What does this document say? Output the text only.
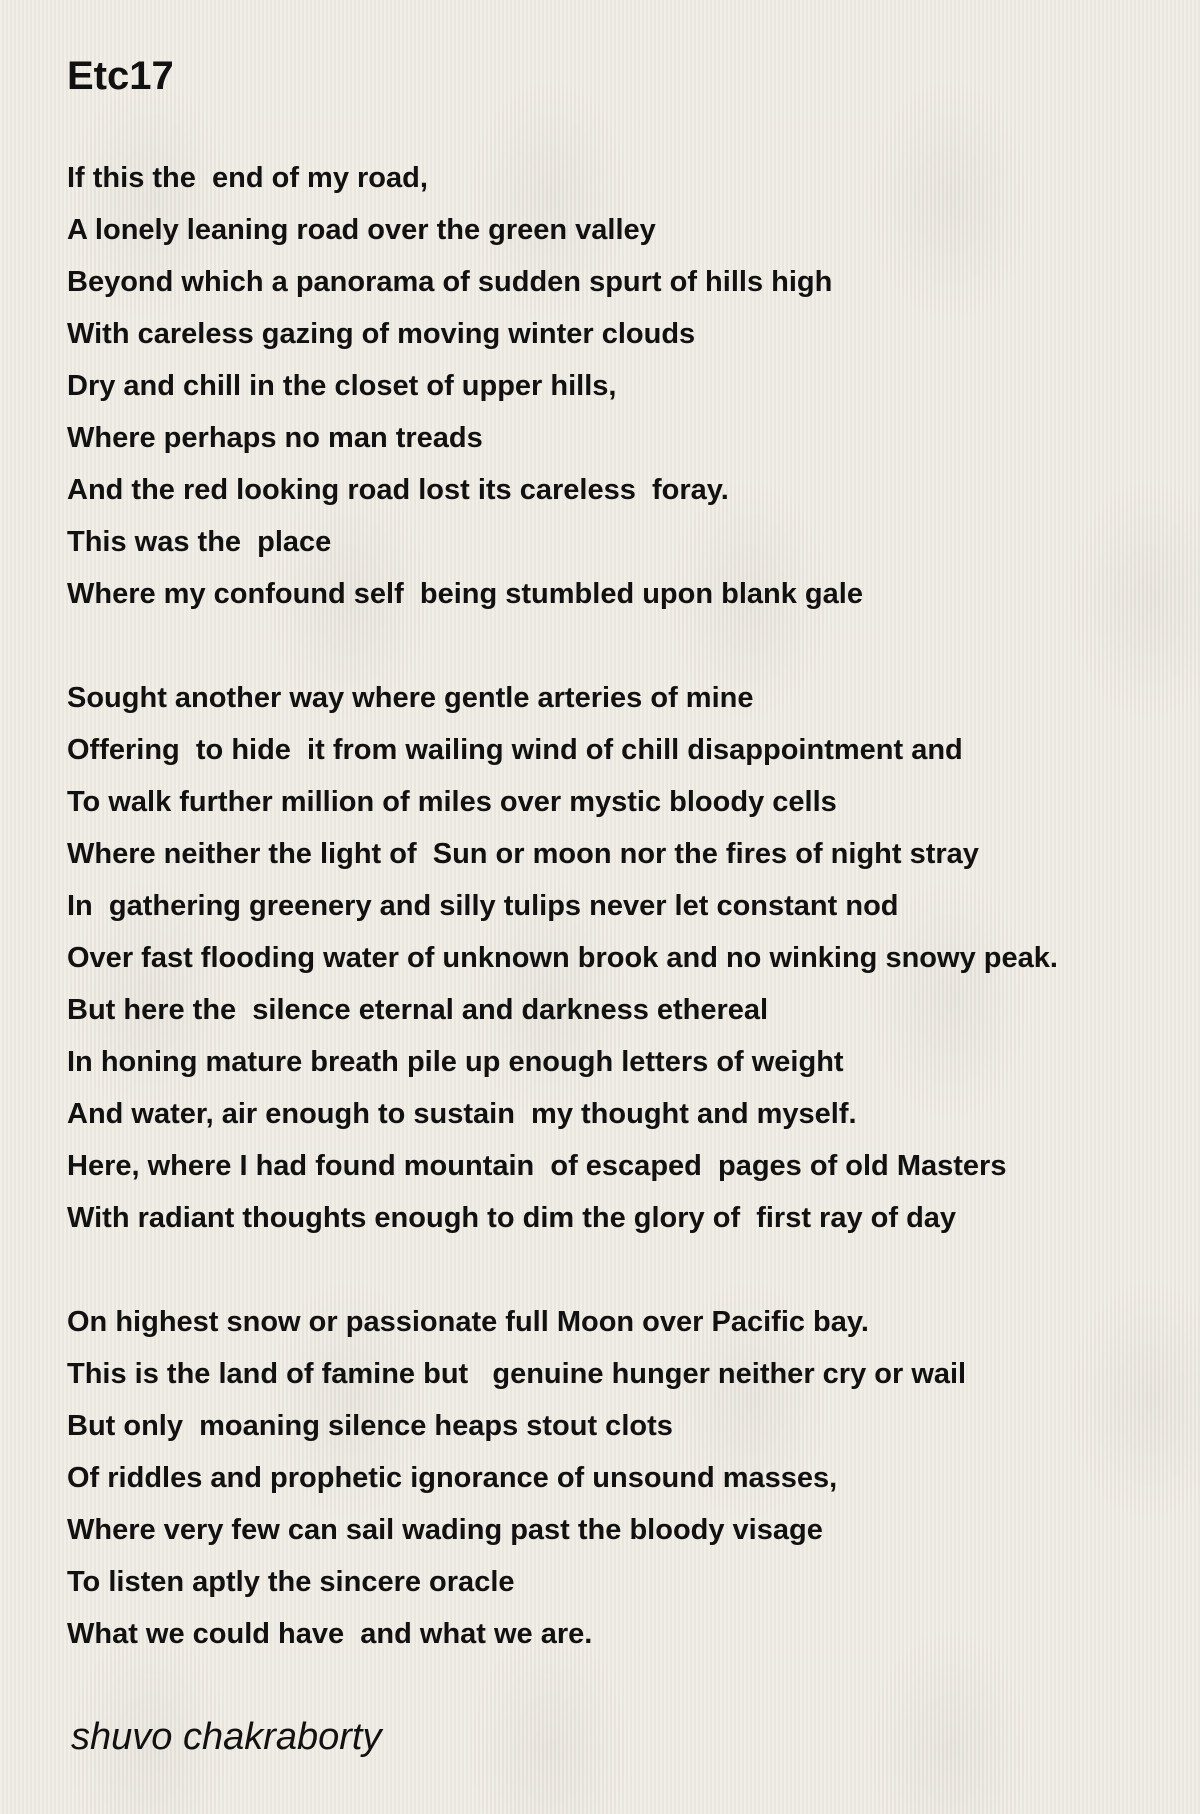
Etc17
If this the  end of my road,
A lonely leaning road over the green valley
Beyond which a panorama of sudden spurt of hills high
With careless gazing of moving winter clouds
Dry and chill in the closet of upper hills,
Where perhaps no man treads
And the red looking road lost its careless  foray.
This was the  place
Where my confound self  being stumbled upon blank gale
Sought another way where gentle arteries of mine
Offering  to hide  it from wailing wind of chill disappointment and
To walk further million of miles over mystic bloody cells
Where neither the light of  Sun or moon nor the fires of night stray
In  gathering greenery and silly tulips never let constant nod
Over fast flooding water of unknown brook and no winking snowy peak.
But here the  silence eternal and darkness ethereal
In honing mature breath pile up enough letters of weight
And water, air enough to sustain  my thought and myself.
Here, where I had found mountain  of escaped  pages of old Masters
With radiant thoughts enough to dim the glory of  first ray of day
On highest snow or passionate full Moon over Pacific bay.
This is the land of famine but   genuine hunger neither cry or wail
But only  moaning silence heaps stout clots
Of riddles and prophetic ignorance of unsound masses,
Where very few can sail wading past the bloody visage
To listen aptly the sincere oracle
What we could have  and what we are.

shuvo chakraborty
